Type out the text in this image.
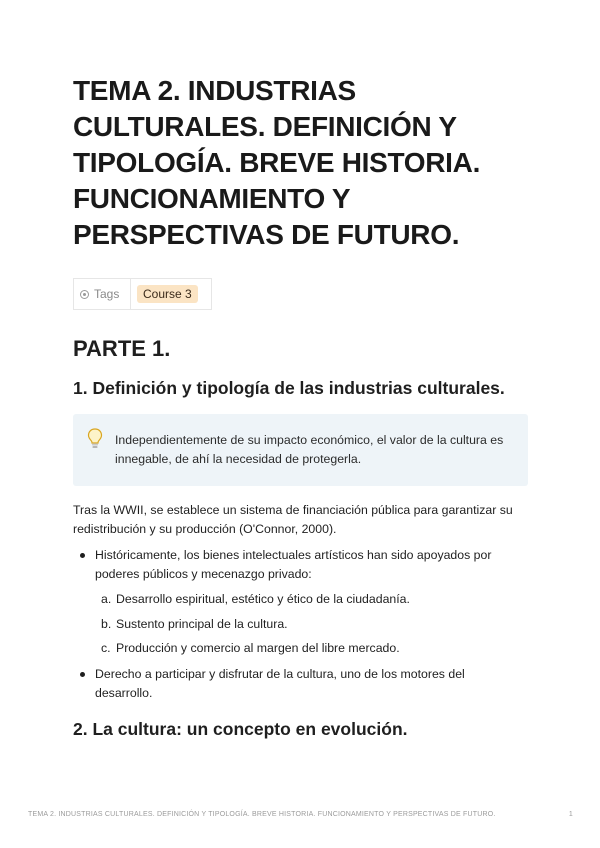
TEMA 2. INDUSTRIAS CULTURALES. DEFINICIÓN Y TIPOLOGÍA. BREVE HISTORIA. FUNCIONAMIENTO Y PERSPECTIVAS DE FUTURO.
Tags	Course 3
PARTE 1.
1. Definición y tipología de las industrias culturales.
Independientemente de su impacto económico, el valor de la cultura es innegable, de ahí la necesidad de protegerla.

Tras la WWII, se establece un sistema de financiación pública para garantizar su redistribución y su producción (O'Connor, 2000).

Históricamente, los bienes intelectuales artísticos han sido apoyados por poderes públicos y mecenazgo privado:
a. Desarrollo espiritual, estético y ético de la ciudadanía.
b. Sustento principal de la cultura.
c. Producción y comercio al margen del libre mercado.
Derecho a participar y disfrutar de la cultura, uno de los motores del desarrollo.
2. La cultura: un concepto en evolución.
TEMA 2. INDUSTRIAS CULTURALES. DEFINICIÓN Y TIPOLOGÍA. BREVE HISTORIA. FUNCIONAMIENTO Y PERSPECTIVAS DE FUTURO.	1
